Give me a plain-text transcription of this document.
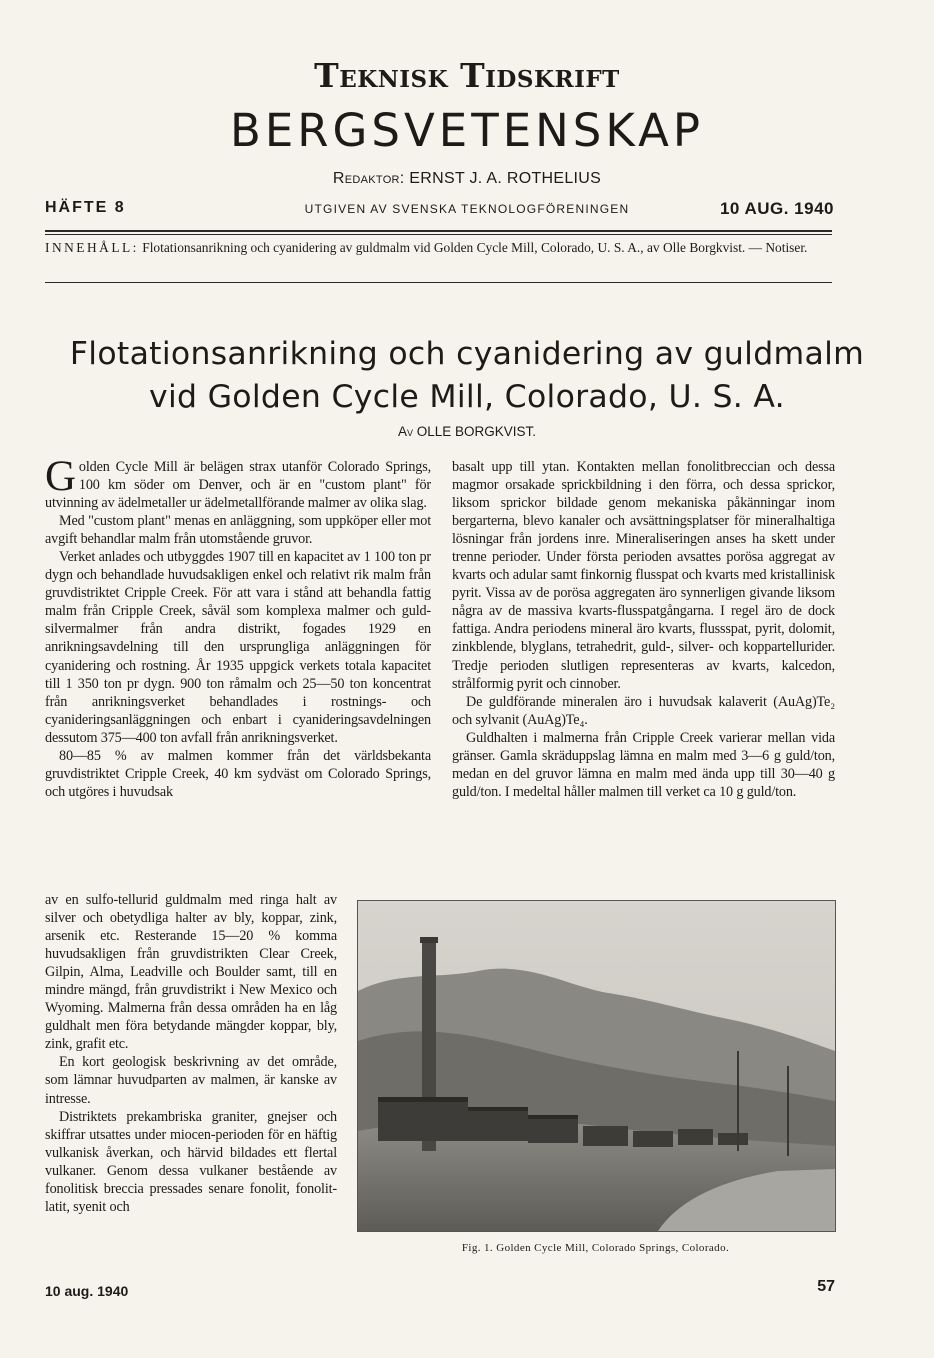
Teknisk Tidskrift
BERGSVETENSKAP
Redaktor: ERNST J. A. ROTHELIUS
HÄFTE 8	UTGIVEN AV SVENSKA TEKNOLOGFÖRENINGEN	10 AUG. 1940
INNEHÅLL: Flotationsanrikning och cyanidering av guldmalm vid Golden Cycle Mill, Colorado, U. S. A., av Olle Borgkvist. — Notiser.
Flotationsanrikning och cyanidering av guldmalm
vid Golden Cycle Mill, Colorado, U. S. A.
Av OLLE BORGKVIST.

Golden Cycle Mill är belägen strax utanför Colorado Springs, 100 km söder om Denver, och är en "custom plant" för utvinning av ädelmetaller ur ädelmetallförande malmer av olika slag.

Med "custom plant" menas en anläggning, som uppköper eller mot avgift behandlar malm från utomstående gruvor.

Verket anlades och utbyggdes 1907 till en kapacitet av 1 100 ton pr dygn och behandlade huvudsakligen enkel och relativt rik malm från gruvdistriktet Cripple Creek. För att vara i stånd att behandla fattig malm från Cripple Creek, såväl som komplexa malmer och guld-silvermalmer från andra distrikt, fogades 1929 en anrikningsavdelning till den ursprungliga anläggningen för cyanidering och rostning. År 1935 uppgick verkets totala kapacitet till 1 350 ton pr dygn. 900 ton råmalm och 25—50 ton koncentrat från anrikningsverket behandlades i rostnings- och cyanideringsanläggningen och enbart i cyanideringsavdelningen dessutom 375—400 ton avfall från anrikningsverket.

80—85 % av malmen kommer från det världsbekanta gruvdistriktet Cripple Creek, 40 km sydväst om Colorado Springs, och utgöres i huvudsak

av en sulfo-tellurid guldmalm med ringa halt av silver och obetydliga halter av bly, koppar, zink, arsenik etc. Resterande 15—20 % komma huvudsakligen från gruvdistrikten Clear Creek, Gilpin, Alma, Leadville och Boulder samt, till en mindre mängd, från gruvdistrikt i New Mexico och Wyoming. Malmerna från dessa områden ha en låg guldhalt men föra betydande mängder koppar, bly, zink, grafit etc.

En kort geologisk beskrivning av det område, som lämnar huvudparten av malmen, är kanske av intresse.

Distriktets prekambriska graniter, gnejser och skiffrar utsattes under miocen-perioden för en häftig vulkanisk åverkan, och härvid bildades ett flertal vulkaner. Genom dessa vulkaner bestående av fonolitisk breccia pressades senare fonolit, fonolit-latit, syenit och

basalt upp till ytan. Kontakten mellan fonolitbreccian och dessa magmor orsakade sprickbildning i den förra, och dessa sprickor, liksom sprickor bildade genom mekaniska påkänningar inom bergarterna, blevo kanaler och avsättningsplatser för mineralhaltiga lösningar från jordens inre. Mineraliseringen anses ha skett under trenne perioder. Under första perioden avsattes porösa aggregat av kvarts och adular samt finkornig flusspat och kvarts med kristallinisk pyrit. Vissa av de porösa aggregaten äro synnerligen givande liksom några av de massiva kvarts-flusspatgångarna. I regel äro de dock fattiga. Andra periodens mineral äro kvarts, flussspat, pyrit, dolomit, zinkblende, blyglans, tetrahedrit, guld-, silver- och koppartellurider. Tredje perioden slutligen representeras av kvarts, kalcedon, strålformig pyrit och cinnober.

De guldförande mineralen äro i huvudsak kalaverit (AuAg)Te₂ och sylvanit (AuAg)Te₄.

Guldhalten i malmerna från Cripple Creek varierar mellan vida gränser. Gamla skräduppslag lämna en malm med 3—6 g guld/ton, medan en del gruvor lämna en malm med ända upp till 30—40 g guld/ton. I medeltal håller malmen till verket ca 10 g guld/ton.

Fig. 1. Golden Cycle Mill, Colorado Springs, Colorado.
10 aug. 1940	57
